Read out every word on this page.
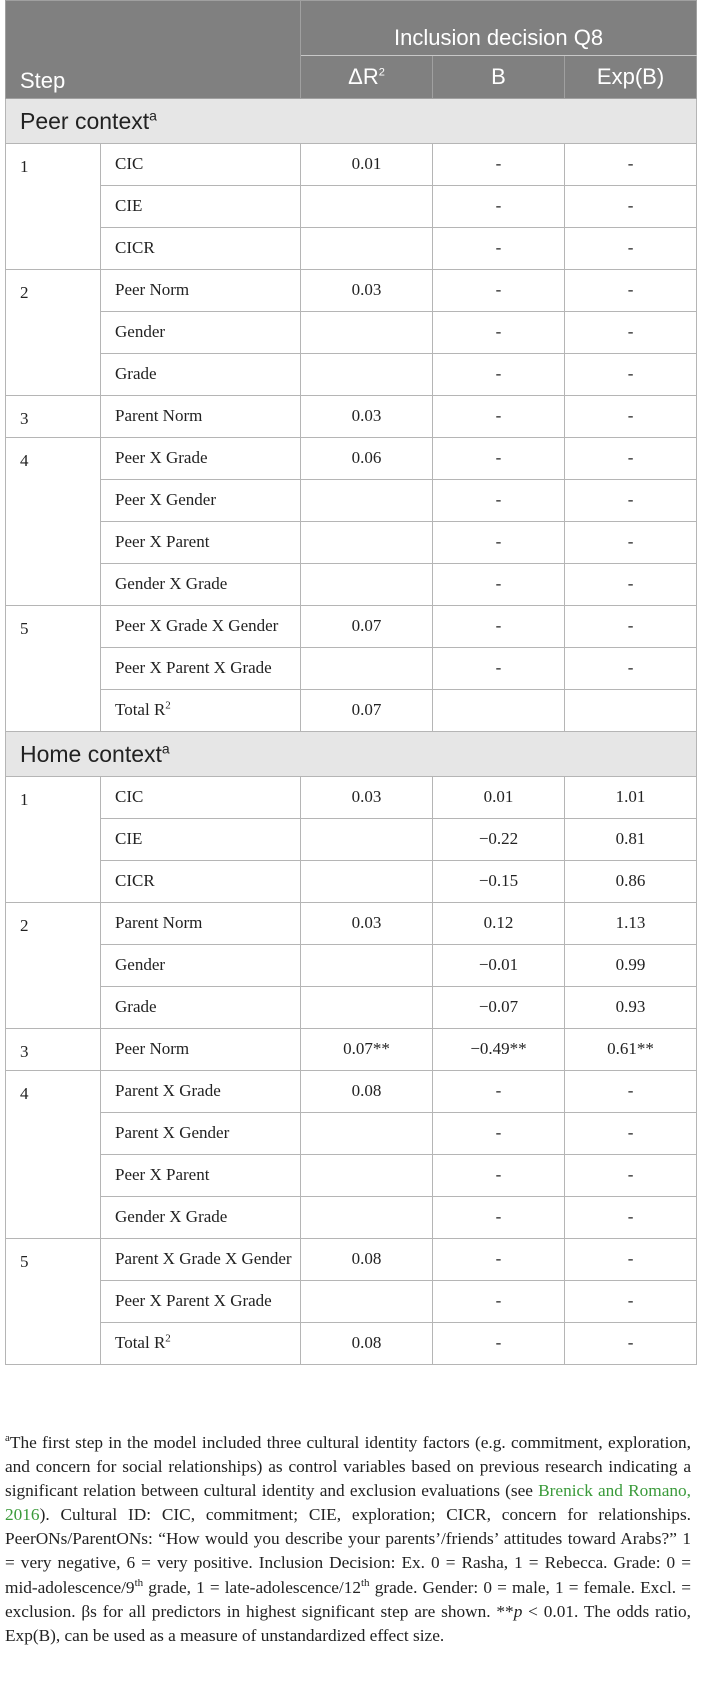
Step		Inclusion decision Q8		
		$\Delta R^2$	B	Exp(B)
Peer context$^a$
1	CIC	0.01	-	-
	CIE		-	-
	CICR		-	-
2	Peer Norm	0.03	-	-
	Gender		-	-
	Grade		-	-
3	Parent Norm	0.03	-	-
4	Peer X Grade	0.06	-	-
	Peer X Gender		-	-
	Peer X Parent		-	-
	Gender X Grade		-	-
5	Peer X Grade X Gender	0.07	-	-
	Peer X Parent X Grade		-	-
	Total $R^2$	0.07		
Home context$^a$
1	CIC	0.03	0.01	1.01
	CIE		−0.22	0.81
	CICR		−0.15	0.86
2	Parent Norm	0.03	0.12	1.13
	Gender		−0.01	0.99
	Grade		−0.07	0.93
3	Peer Norm	0.07**	−0.49**	0.61**
4	Parent X Grade	0.08	-	-
	Parent X Gender		-	-
	Peer X Parent		-	-
	Gender X Grade		-	-
5	Parent X Grade X Gender	0.08	-	-
	Peer X Parent X Grade		-	-
	Total $R^2$	0.08	-	-
$^a$The first step in the model included three cultural identity factors (e.g. commitment, exploration, and concern for social relationships) as control variables based on previous research indicating a significant relation between cultural identity and exclusion evaluations (see Brenick and Romano, 2016). Cultural ID: CIC, commitment; CIE, exploration; CICR, concern for relationships. PeerONs/ParentONs: “How would you describe your parents’/friends’ attitudes toward Arabs?” 1 = very negative, 6 = very positive. Inclusion Decision: Ex. 0 = Rasha, 1 = Rebecca. Grade: 0 = mid-adolescence/9th grade, 1 = late-adolescence/12th grade. Gender: 0 = male, 1 = female. Excl. = exclusion. βs for all predictors in highest significant step are shown. **p < 0.01. The odds ratio, Exp(B), can be used as a measure of unstandardized effect size.
